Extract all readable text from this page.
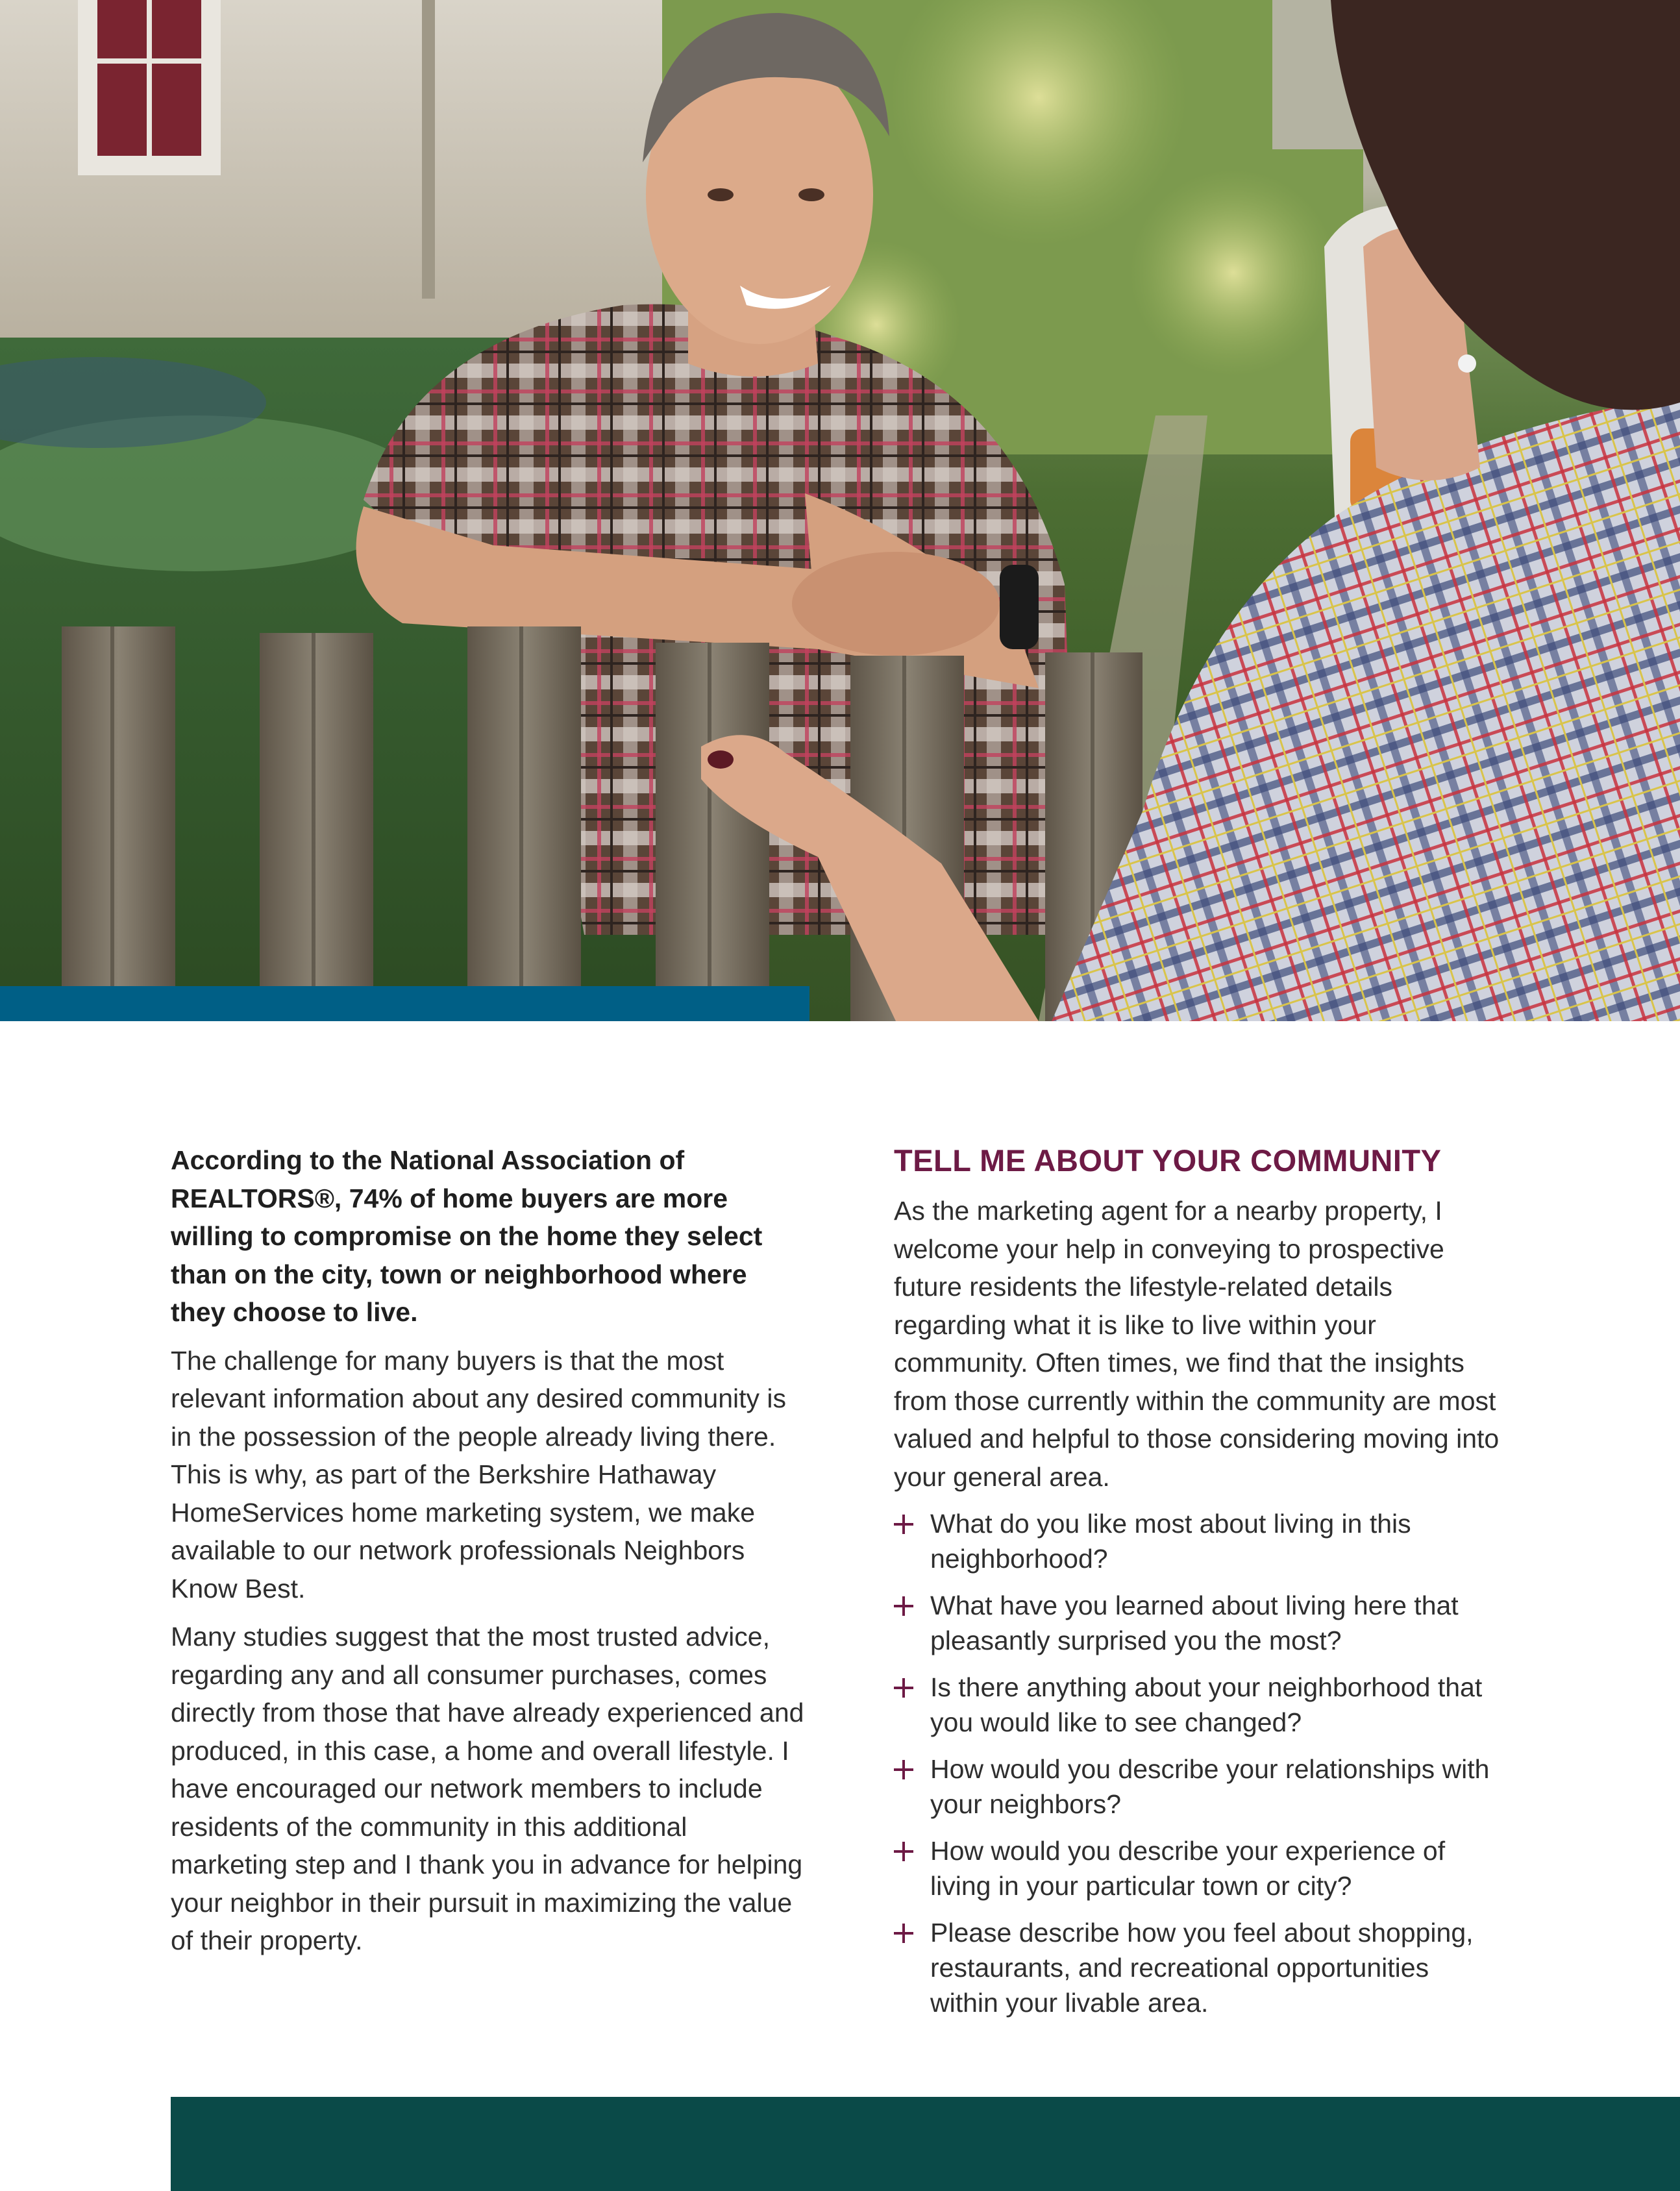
According to the National Association of REALTORS®, 74% of home buyers are more willing to compromise on the home they select than on the city, town or neighborhood where they choose to live.

The challenge for many buyers is that the most relevant information about any desired community is in the possession of the people already living there. This is why, as part of the Berkshire Hathaway HomeServices home marketing system, we make available to our network professionals Neighbors Know Best.

Many studies suggest that the most trusted advice, regarding any and all consumer purchases, comes directly from those that have already experienced and produced, in this case, a home and overall lifestyle. I have encouraged our network members to include residents of the community in this additional marketing step and I thank you in advance for helping your neighbor in their pursuit in maximizing the value of their property.

TELL ME ABOUT YOUR COMMUNITY

As the marketing agent for a nearby property, I welcome your help in conveying to prospective future residents the lifestyle-related details regarding what it is like to live within your community. Often times, we find that the insights from those currently within the community are most valued and helpful to those considering moving into your general area.

What do you like most about living in this neighborhood?
What have you learned about living here that pleasantly surprised you the most?
Is there anything about your neighborhood that you would like to see changed?
How would you describe your relationships with your neighbors?
How would you describe your experience of living in your particular town or city?
Please describe how you feel about shopping, restaurants, and recreational opportunities within your livable area.
